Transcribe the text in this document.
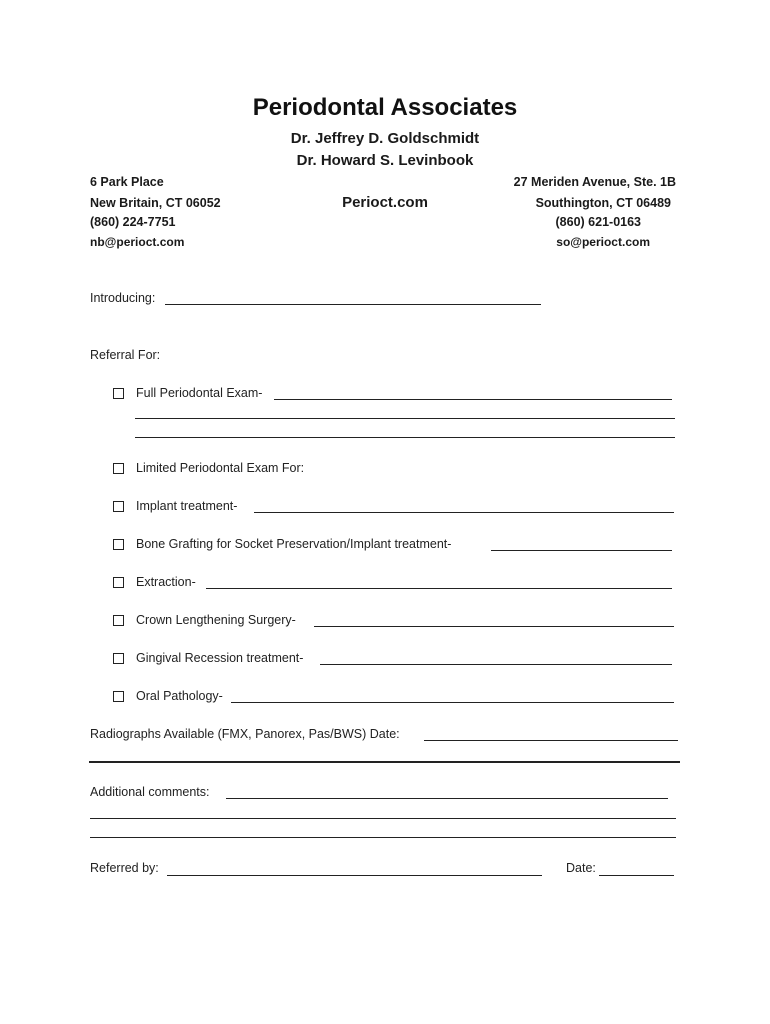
Periodontal Associates
Dr. Jeffrey D. Goldschmidt
Dr. Howard S. Levinbook
6 Park Place
New Britain, CT 06052
(860) 224-7751
nb@perioct.com
Perioct.com
27 Meriden Avenue, Ste. 1B
Southington, CT 06489
(860) 621-0163
so@perioct.com
Introducing:
Referral For:
Full Periodontal Exam-
Limited Periodontal Exam For:
Implant treatment-
Bone Grafting for Socket Preservation/Implant treatment-
Extraction-
Crown Lengthening Surgery-
Gingival Recession treatment-
Oral Pathology-
Radiographs Available (FMX, Panorex, Pas/BWS) Date:
Additional comments:
Referred by:	Date:
